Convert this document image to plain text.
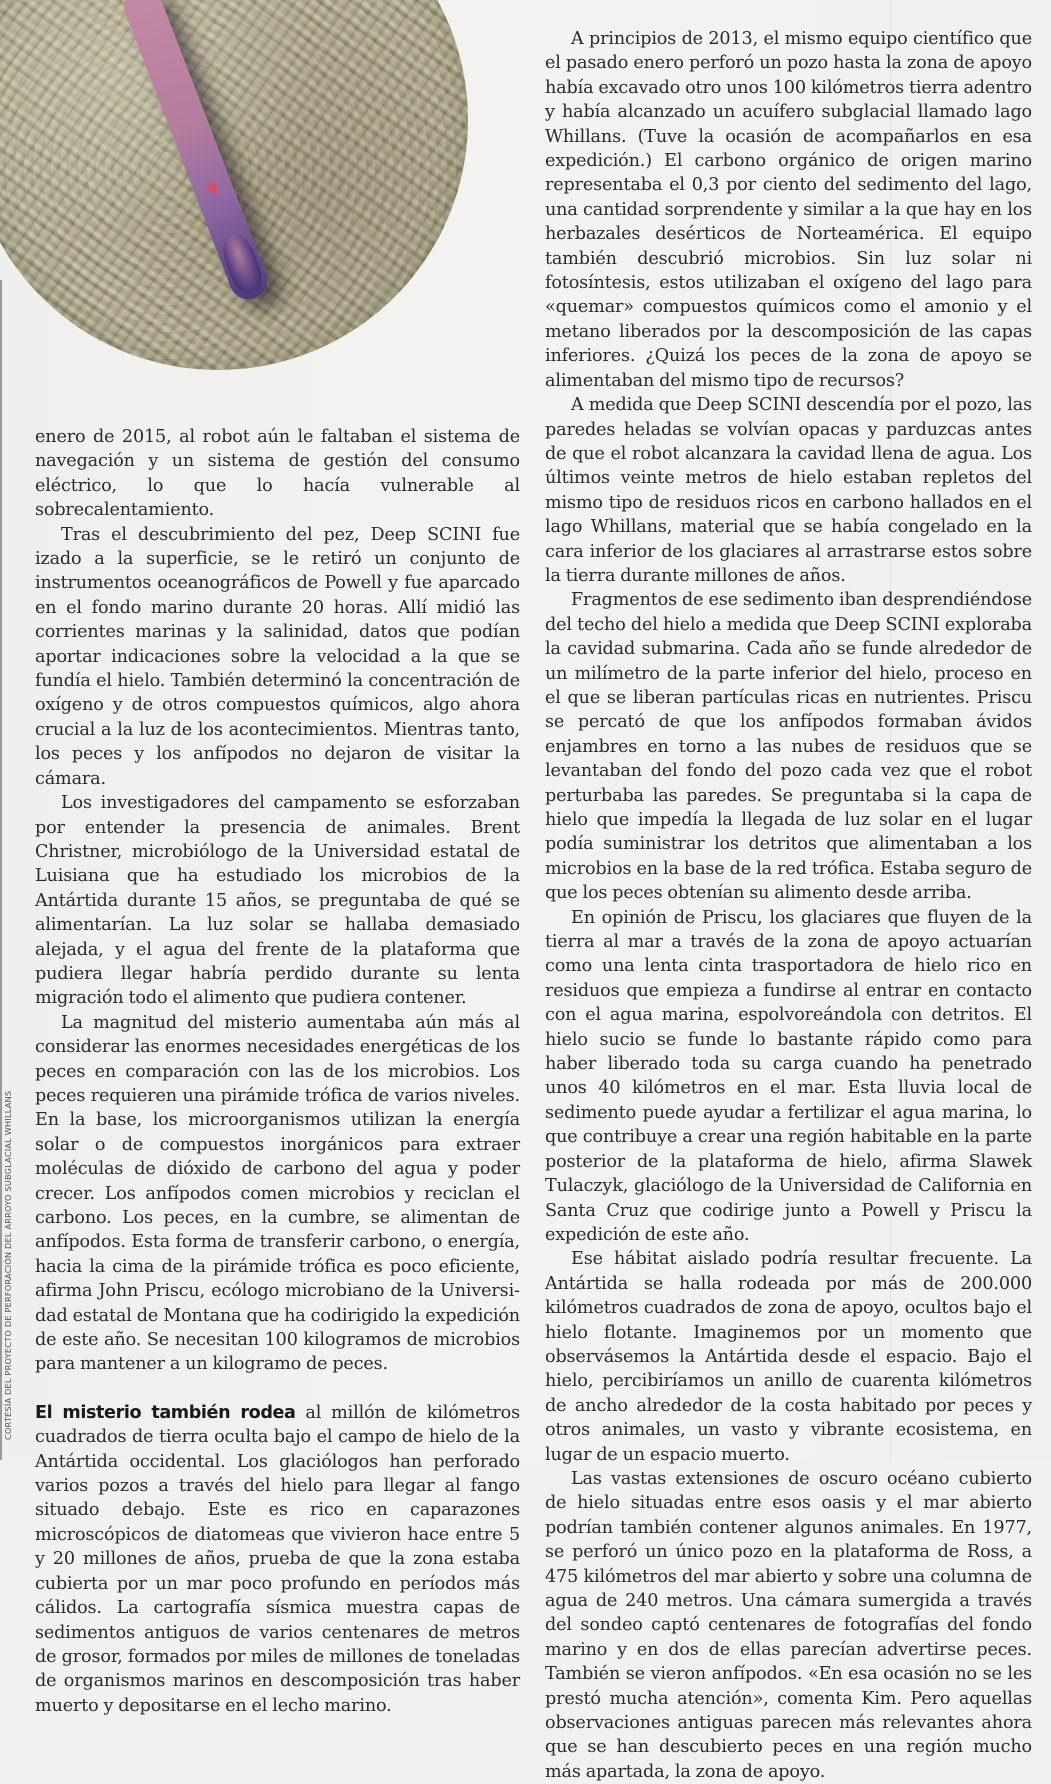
CORTESÍA DEL PROYECTO DE PERFORACIÓN DEL ARROYO SUBGLACIAL WHILLANS

enero de 2015, al robot aún le faltaban el sistema de navegación y un sistema de gestión del consumo eléctrico, lo que lo hacía vulnerable al sobrecalentamiento.

Tras el descubrimiento del pez, Deep SCINI fue izado a la superficie, se le retiró un conjunto de instrumentos oceanográficos de Powell y fue aparcado en el fondo marino durante 20 horas. Allí midió las corrientes marinas y la salinidad, datos que podían aportar indicaciones sobre la velocidad a la que se fundía el hielo. También determinó la concentración de oxígeno y de otros compuestos químicos, algo ahora crucial a la luz de los acontecimientos. Mientras tanto, los peces y los anfípodos no dejaron de visitar la cámara.

Los investigadores del campamento se esforzaban por entender la presencia de animales. Brent Christner, microbiólogo de la Universidad estatal de Luisiana que ha estudiado los microbios de la Antártida durante 15 años, se preguntaba de qué se alimentarían. La luz solar se hallaba demasiado alejada, y el agua del frente de la plataforma que pudiera llegar habría perdido durante su lenta migración todo el alimento que pudiera contener.

La magnitud del misterio aumentaba aún más al considerar las enormes necesidades energéticas de los peces en comparación con las de los microbios. Los peces requieren una pirámide trófica de varios niveles. En la base, los microorganismos utilizan la energía solar o de compuestos inorgánicos para extraer moléculas de dióxido de carbono del agua y poder crecer. Los anfípodos comen microbios y reciclan el carbono. Los peces, en la cumbre, se alimentan de anfípodos. Esta forma de transferir carbono, o energía, hacia la cima de la pirámide trófica es poco eficiente, afirma John Priscu, ecólogo microbiano de la Universidad estatal de Montana que ha codirigido la expedición de este año. Se necesitan 100 kilogramos de microbios para mantener a un kilogramo de peces.

El misterio también rodea al millón de kilómetros cuadrados de tierra oculta bajo el campo de hielo de la Antártida occidental. Los glaciólogos han perforado varios pozos a través del hielo para llegar al fango situado debajo. Este es rico en caparazones microscópicos de diatomeas que vivieron hace entre 5 y 20 millones de años, prueba de que la zona estaba cubierta por un mar poco profundo en períodos más cálidos. La cartografía sísmica muestra capas de sedimentos antiguos de varios centenares de metros de grosor, formados por miles de millones de toneladas de organismos marinos en descomposición tras haber muerto y depositarse en el lecho marino.

A principios de 2013, el mismo equipo científico que el pasado enero perforó un pozo hasta la zona de apoyo había excavado otro unos 100 kilómetros tierra adentro y había alcanzado un acuífero subglacial llamado lago Whillans. (Tuve la ocasión de acompañarlos en esa expedición.) El carbono orgánico de origen marino representaba el 0,3 por ciento del sedimento del lago, una cantidad sorprendente y similar a la que hay en los herbazales desérticos de Norteamérica. El equipo también descubrió microbios. Sin luz solar ni fotosíntesis, estos utilizaban el oxígeno del lago para «quemar» compuestos químicos como el amonio y el metano liberados por la descomposición de las capas inferiores. ¿Quizá los peces de la zona de apoyo se alimentaban del mismo tipo de recursos?

A medida que Deep SCINI descendía por el pozo, las paredes heladas se volvían opacas y parduzcas antes de que el robot alcanzara la cavidad llena de agua. Los últimos veinte metros de hielo estaban repletos del mismo tipo de residuos ricos en carbono hallados en el lago Whillans, material que se había congelado en la cara inferior de los glaciares al arrastrarse estos sobre la tierra durante millones de años.

Fragmentos de ese sedimento iban desprendiéndose del techo del hielo a medida que Deep SCINI exploraba la cavidad submarina. Cada año se funde alrededor de un milímetro de la parte inferior del hielo, proceso en el que se liberan partículas ricas en nutrientes. Priscu se percató de que los anfípodos formaban ávidos enjambres en torno a las nubes de residuos que se levantaban del fondo del pozo cada vez que el robot perturbaba las paredes. Se preguntaba si la capa de hielo que impedía la llegada de luz solar en el lugar podía suministrar los detritos que alimentaban a los microbios en la base de la red trófica. Estaba seguro de que los peces obtenían su alimento desde arriba.

En opinión de Priscu, los glaciares que fluyen de la tierra al mar a través de la zona de apoyo actuarían como una lenta cinta trasportadora de hielo rico en residuos que empieza a fundirse al entrar en contacto con el agua marina, espolvoreándola con detritos. El hielo sucio se funde lo bastante rápido como para haber liberado toda su carga cuando ha penetrado unos 40 kilómetros en el mar. Esta lluvia local de sedimento puede ayudar a fertilizar el agua marina, lo que contribuye a crear una región habitable en la parte posterior de la plataforma de hielo, afirma Slawek Tulaczyk, glaciólogo de la Universidad de California en Santa Cruz que codirige junto a Powell y Priscu la expedición de este año.

Ese hábitat aislado podría resultar frecuente. La Antártida se halla rodeada por más de 200.000 kilómetros cuadrados de zona de apoyo, ocultos bajo el hielo flotante. Imaginemos por un momento que observásemos la Antártida desde el espacio. Bajo el hielo, percibiríamos un anillo de cuarenta kilómetros de ancho alrededor de la costa habitado por peces y otros animales, un vasto y vibrante ecosistema, en lugar de un espacio muerto.

Las vastas extensiones de oscuro océano cubierto de hielo situadas entre esos oasis y el mar abierto podrían también contener algunos animales. En 1977, se perforó un único pozo en la plataforma de Ross, a 475 kilómetros del mar abierto y sobre una columna de agua de 240 metros. Una cámara sumergida a través del sondeo captó centenares de fotografías del fondo marino y en dos de ellas parecían advertirse peces. También se vieron anfípodos. «En esa ocasión no se les prestó mucha atención», comenta Kim. Pero aquellas observaciones antiguas parecen más relevantes ahora que se han descubierto peces en una región mucho más apartada, la zona de apoyo.
